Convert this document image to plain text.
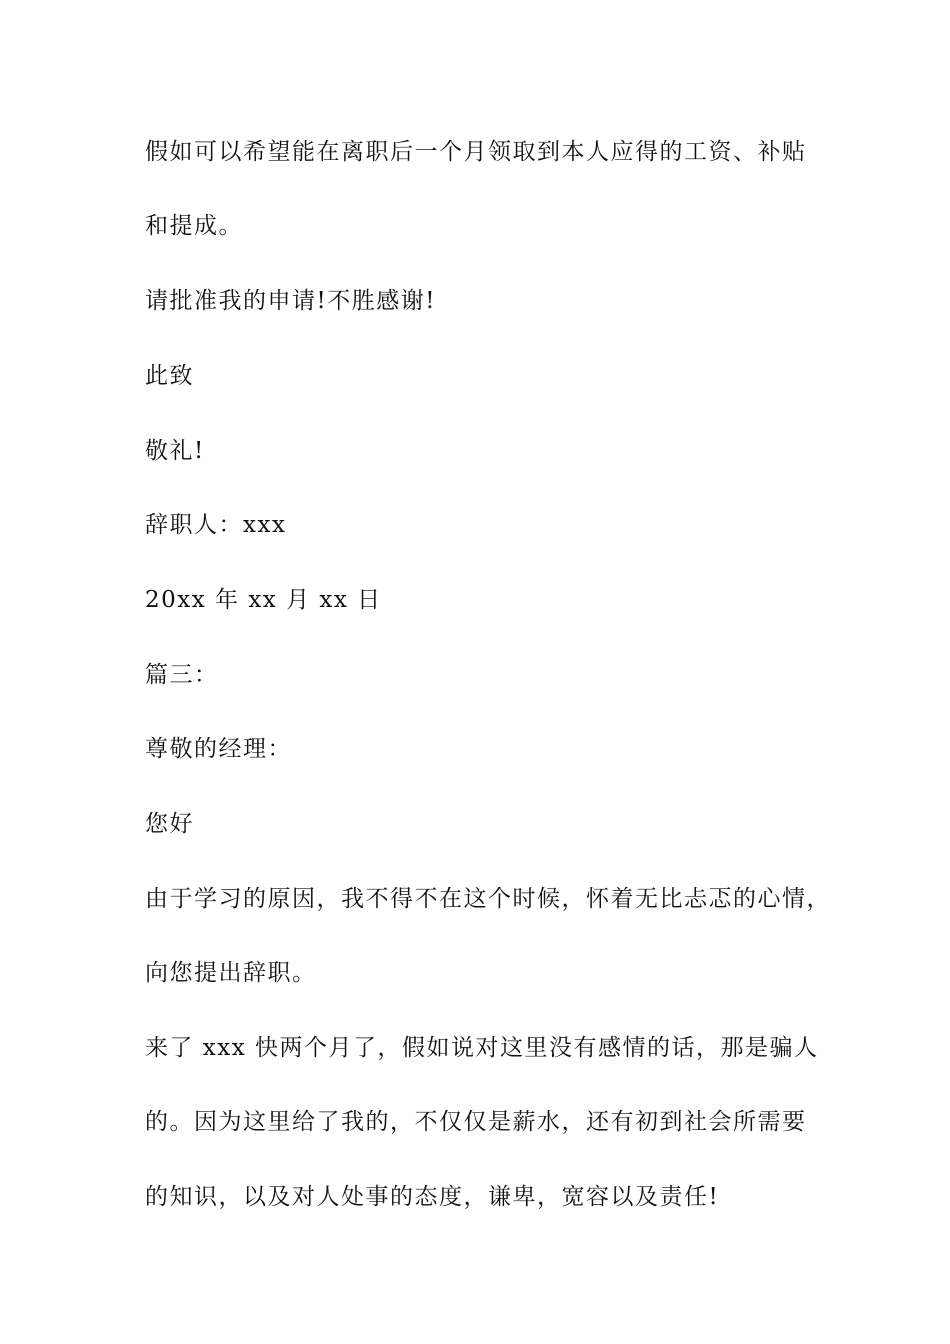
假如可以希望能在离职后一个月领取到本人应得的工资、补贴
和提成。
请批准我的申请!不胜感谢!
此致
敬礼!
辞职人：xxx
20xx 年 xx 月 xx 日
篇三：
尊敬的经理：
您好
由于学习的原因，我不得不在这个时候，怀着无比忐忑的心情，
向您提出辞职。
来了 xxx 快两个月了，假如说对这里没有感情的话，那是骗人
的。因为这里给了我的，不仅仅是薪水，还有初到社会所需要
的知识，以及对人处事的态度，谦卑，宽容以及责任!
